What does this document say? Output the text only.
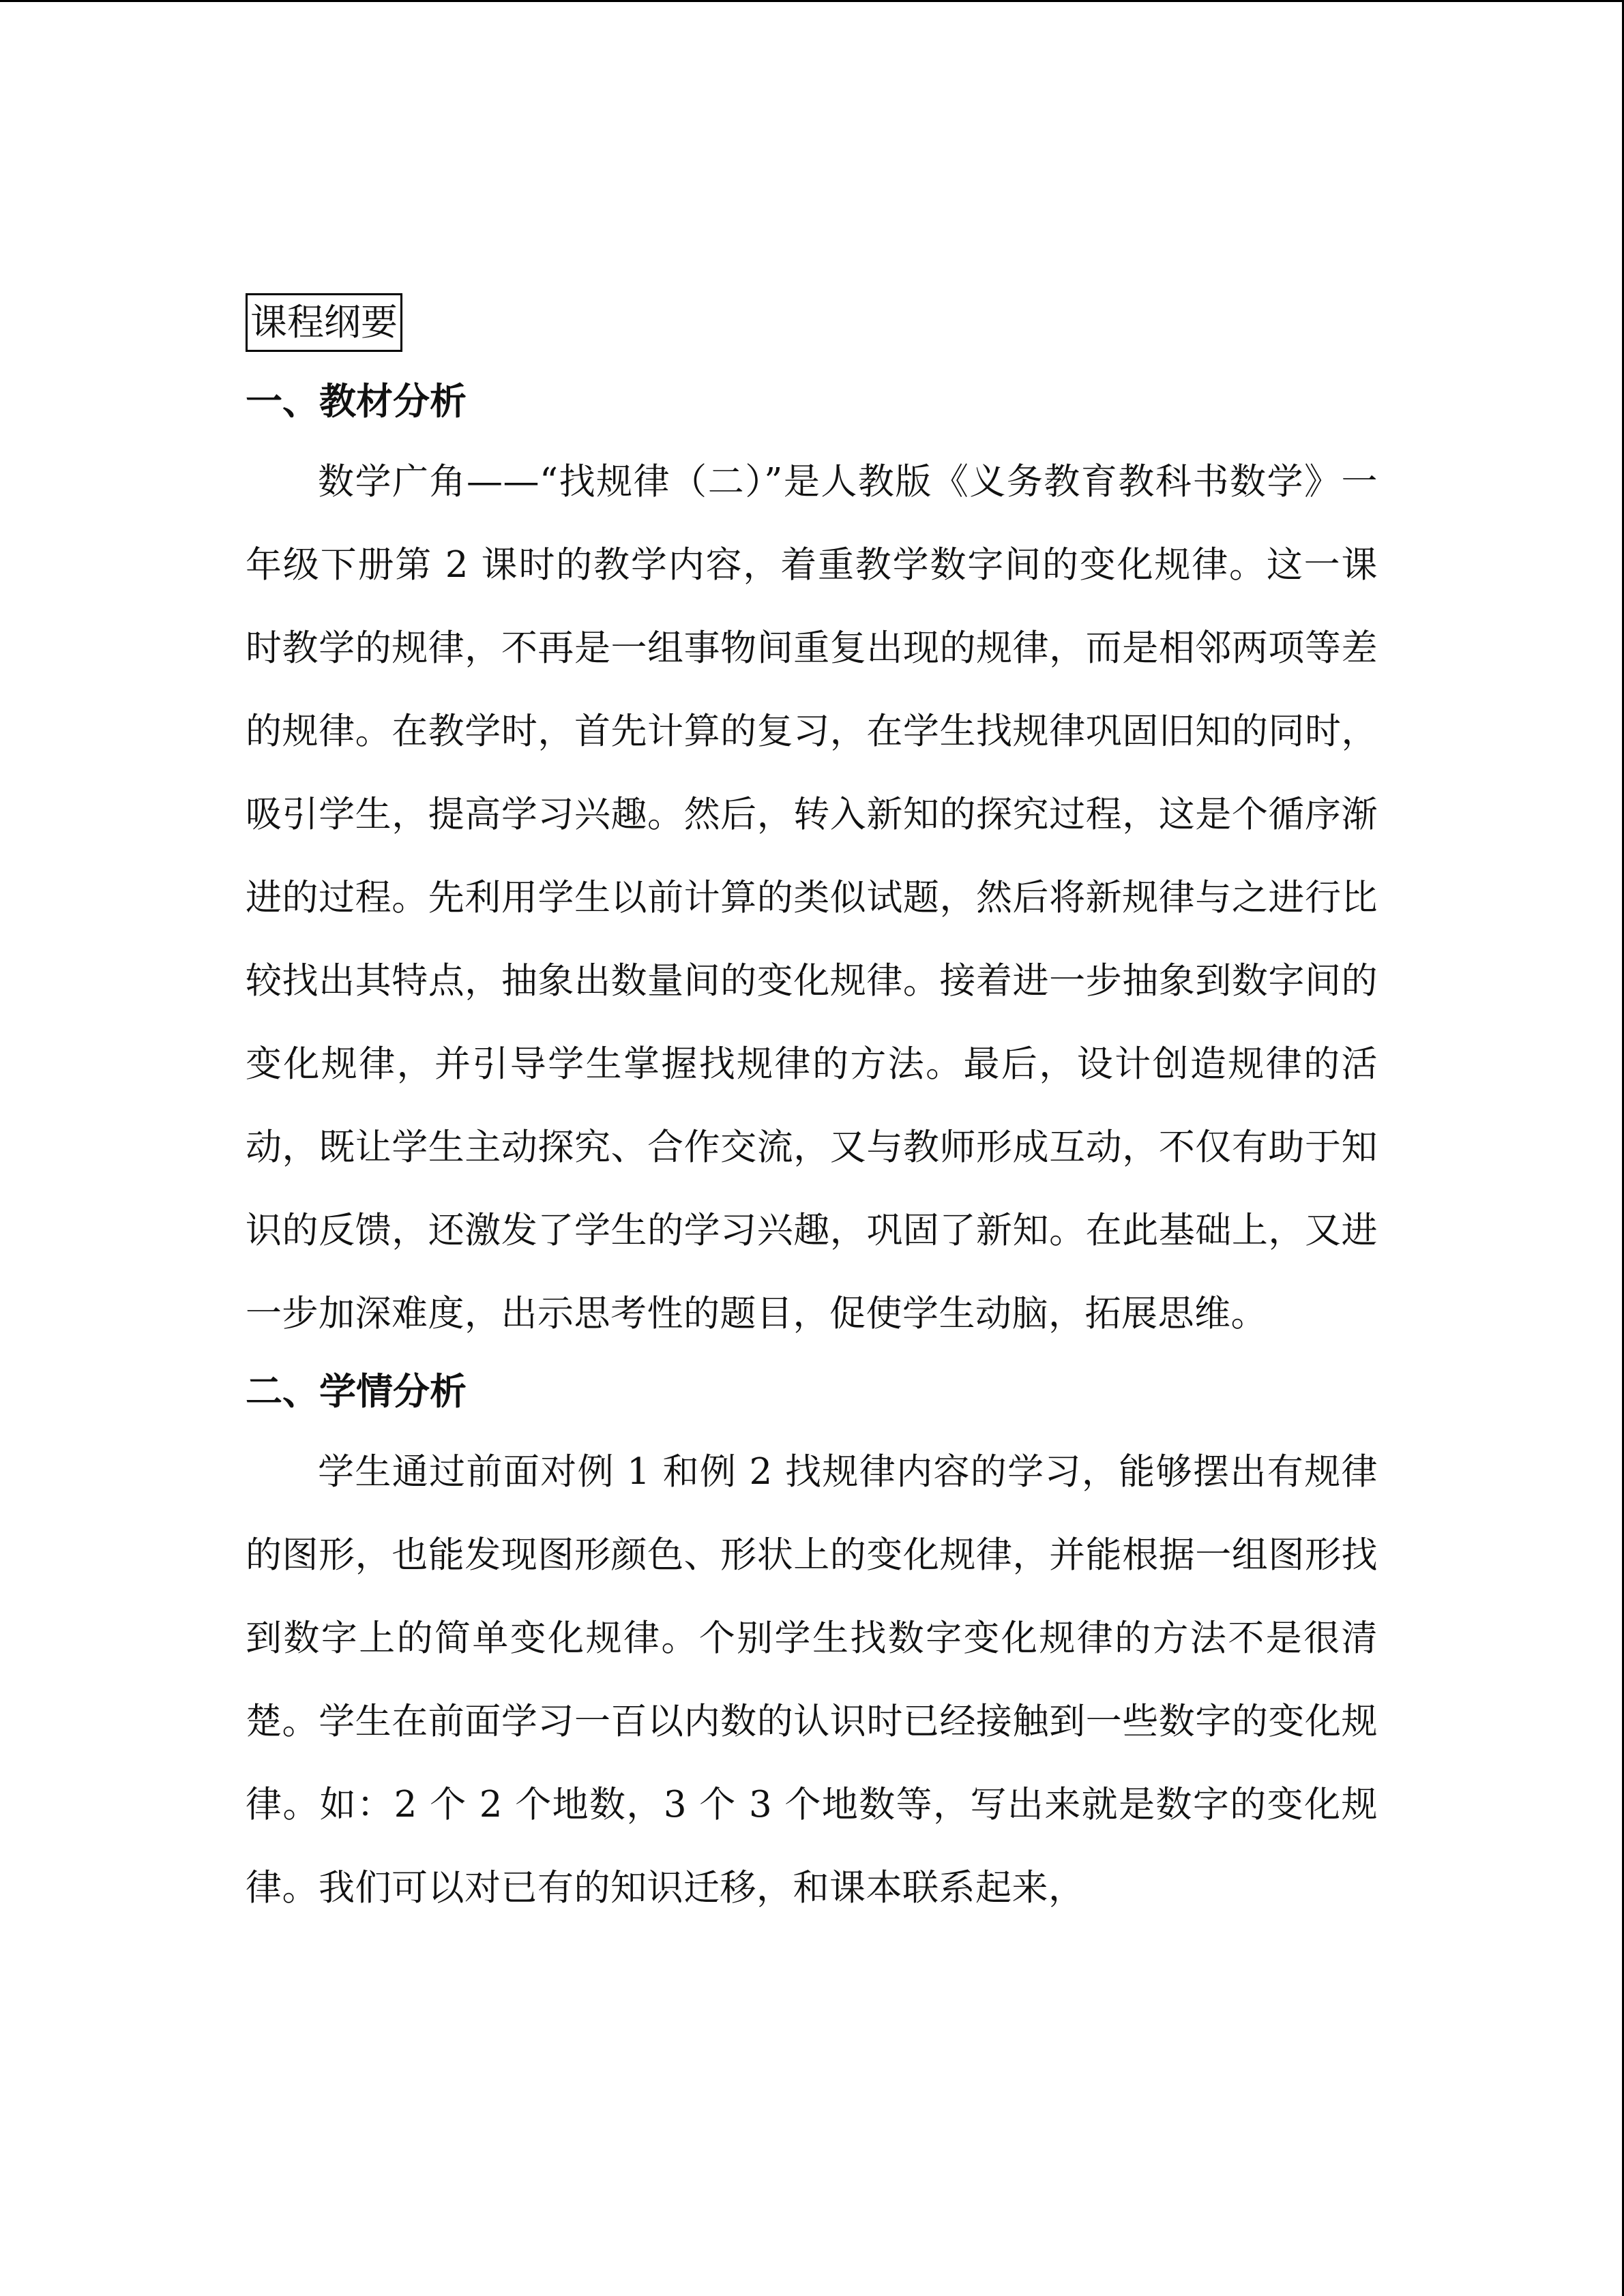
课程纲要
一、教材分析

数学广角——“找规律（二）”是人教版《义务教育教科书数学》一年级下册第 2 课时的教学内容，着重教学数字间的变化规律。这一课时教学的规律，不再是一组事物间重复出现的规律，而是相邻两项等差的规律。在教学时，首先计算的复习，在学生找规律巩固旧知的同时，吸引学生，提高学习兴趣。然后，转入新知的探究过程，这是个循序渐进的过程。先利用学生以前计算的类似试题，然后将新规律与之进行比较找出其特点，抽象出数量间的变化规律。接着进一步抽象到数字间的变化规律，并引导学生掌握找规律的方法。最后，设计创造规律的活动，既让学生主动探究、合作交流，又与教师形成互动，不仅有助于知识的反馈，还激发了学生的学习兴趣，巩固了新知。在此基础上，又进一步加深难度，出示思考性的题目，促使学生动脑，拓展思维。

二、学情分析

学生通过前面对例 1 和例 2 找规律内容的学习，能够摆出有规律的图形，也能发现图形颜色、形状上的变化规律，并能根据一组图形找到数字上的简单变化规律。个别学生找数字变化规律的方法不是很清楚。学生在前面学习一百以内数的认识时已经接触到一些数字的变化规律。如：2 个 2 个地数，3 个 3 个地数等，写出来就是数字的变化规律。我们可以对已有的知识迁移，和课本联系起来，
